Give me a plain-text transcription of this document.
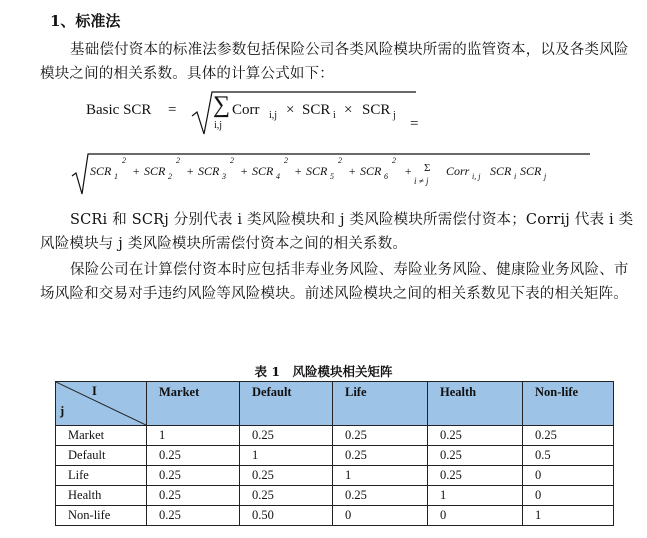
1、标准法
基础偿付资本的标准法参数包括保险公司各类风险模块所需的监管资本，以及各类风险模块之间的相关系数。具体的计算公式如下：
Basic SCR = ∑
i,j
Corr i,j × SCR i × SCR j
=
SCR 1
2
+ SCR 2
2
+ SCR 3
2
+ SCR 4
2
+ SCR 5
2
+ SCR 6
2
+ Σ
i ≠ j
Corr i, j SCR i SCR j
SCRi 和 SCRj 分别代表 i 类风险模块和 j 类风险模块所需偿付资本；Corrij 代表 i 类风险模块与 j 类风险模块所需偿付资本之间的相关系数。
保险公司在计算偿付资本时应包括非寿业务风险、寿险业务风险、健康险业务风险、市场风险和交易对手违约风险等风险模块。前述风险模块之间的相关系数见下表的相关矩阵。
表 1　风险模块相关矩阵
I
j	Market	Default	Life	Health	Non-life
Market	1	0.25	0.25	0.25	0.25
Default	0.25	1	0.25	0.25	0.5
Life	0.25	0.25	1	0.25	0
Health	0.25	0.25	0.25	1	0
Non-life	0.25	0.50	0	0	1
